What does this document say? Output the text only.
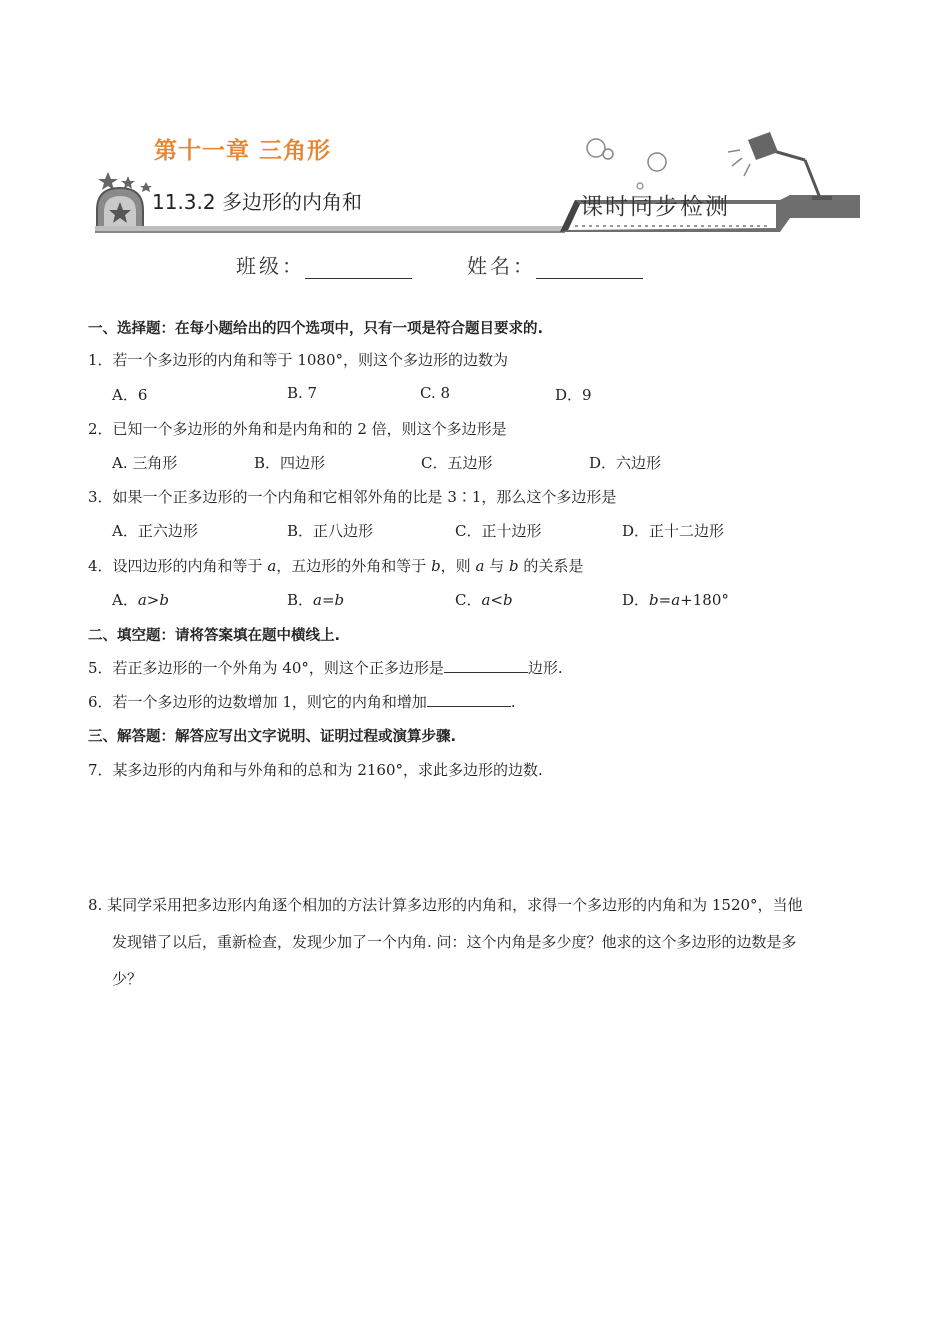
第十一章 三角形
11.3.2 多边形的内角和	课时同步检测
班级：	姓名：
一、选择题：在每小题给出的四个选项中，只有一项是符合题目要求的.
1．若一个多边形的内角和等于 1080°，则这个多边形的边数为
A．6	B. 7	C. 8	D．9
2．已知一个多边形的外角和是内角和的 2 倍，则这个多边形是
A. 三角形	B．四边形	C．五边形	D．六边形
3．如果一个正多边形的一个内角和它相邻外角的比是 3∶1，那么这个多边形是
A．正六边形	B．正八边形	C．正十边形	D．正十二边形
4．设四边形的内角和等于 a，五边形的外角和等于 b，则 a 与 b 的关系是
A．a>b	B．a=b	C．a<b	D．b=a+180°
二、填空题：请将答案填在题中横线上.
5．若正多边形的一个外角为 40°，则这个正多边形是	边形.
6．若一个多边形的边数增加 1，则它的内角和增加	.
三、解答题：解答应写出文字说明、证明过程或演算步骤.
7．某多边形的内角和与外角和的总和为 2160°，求此多边形的边数.
8. 某同学采用把多边形内角逐个相加的方法计算多边形的内角和，求得一个多边形的内角和为 1520°，当他
发现错了以后，重新检查，发现少加了一个内角. 问：这个内角是多少度？他求的这个多边形的边数是多
少？
